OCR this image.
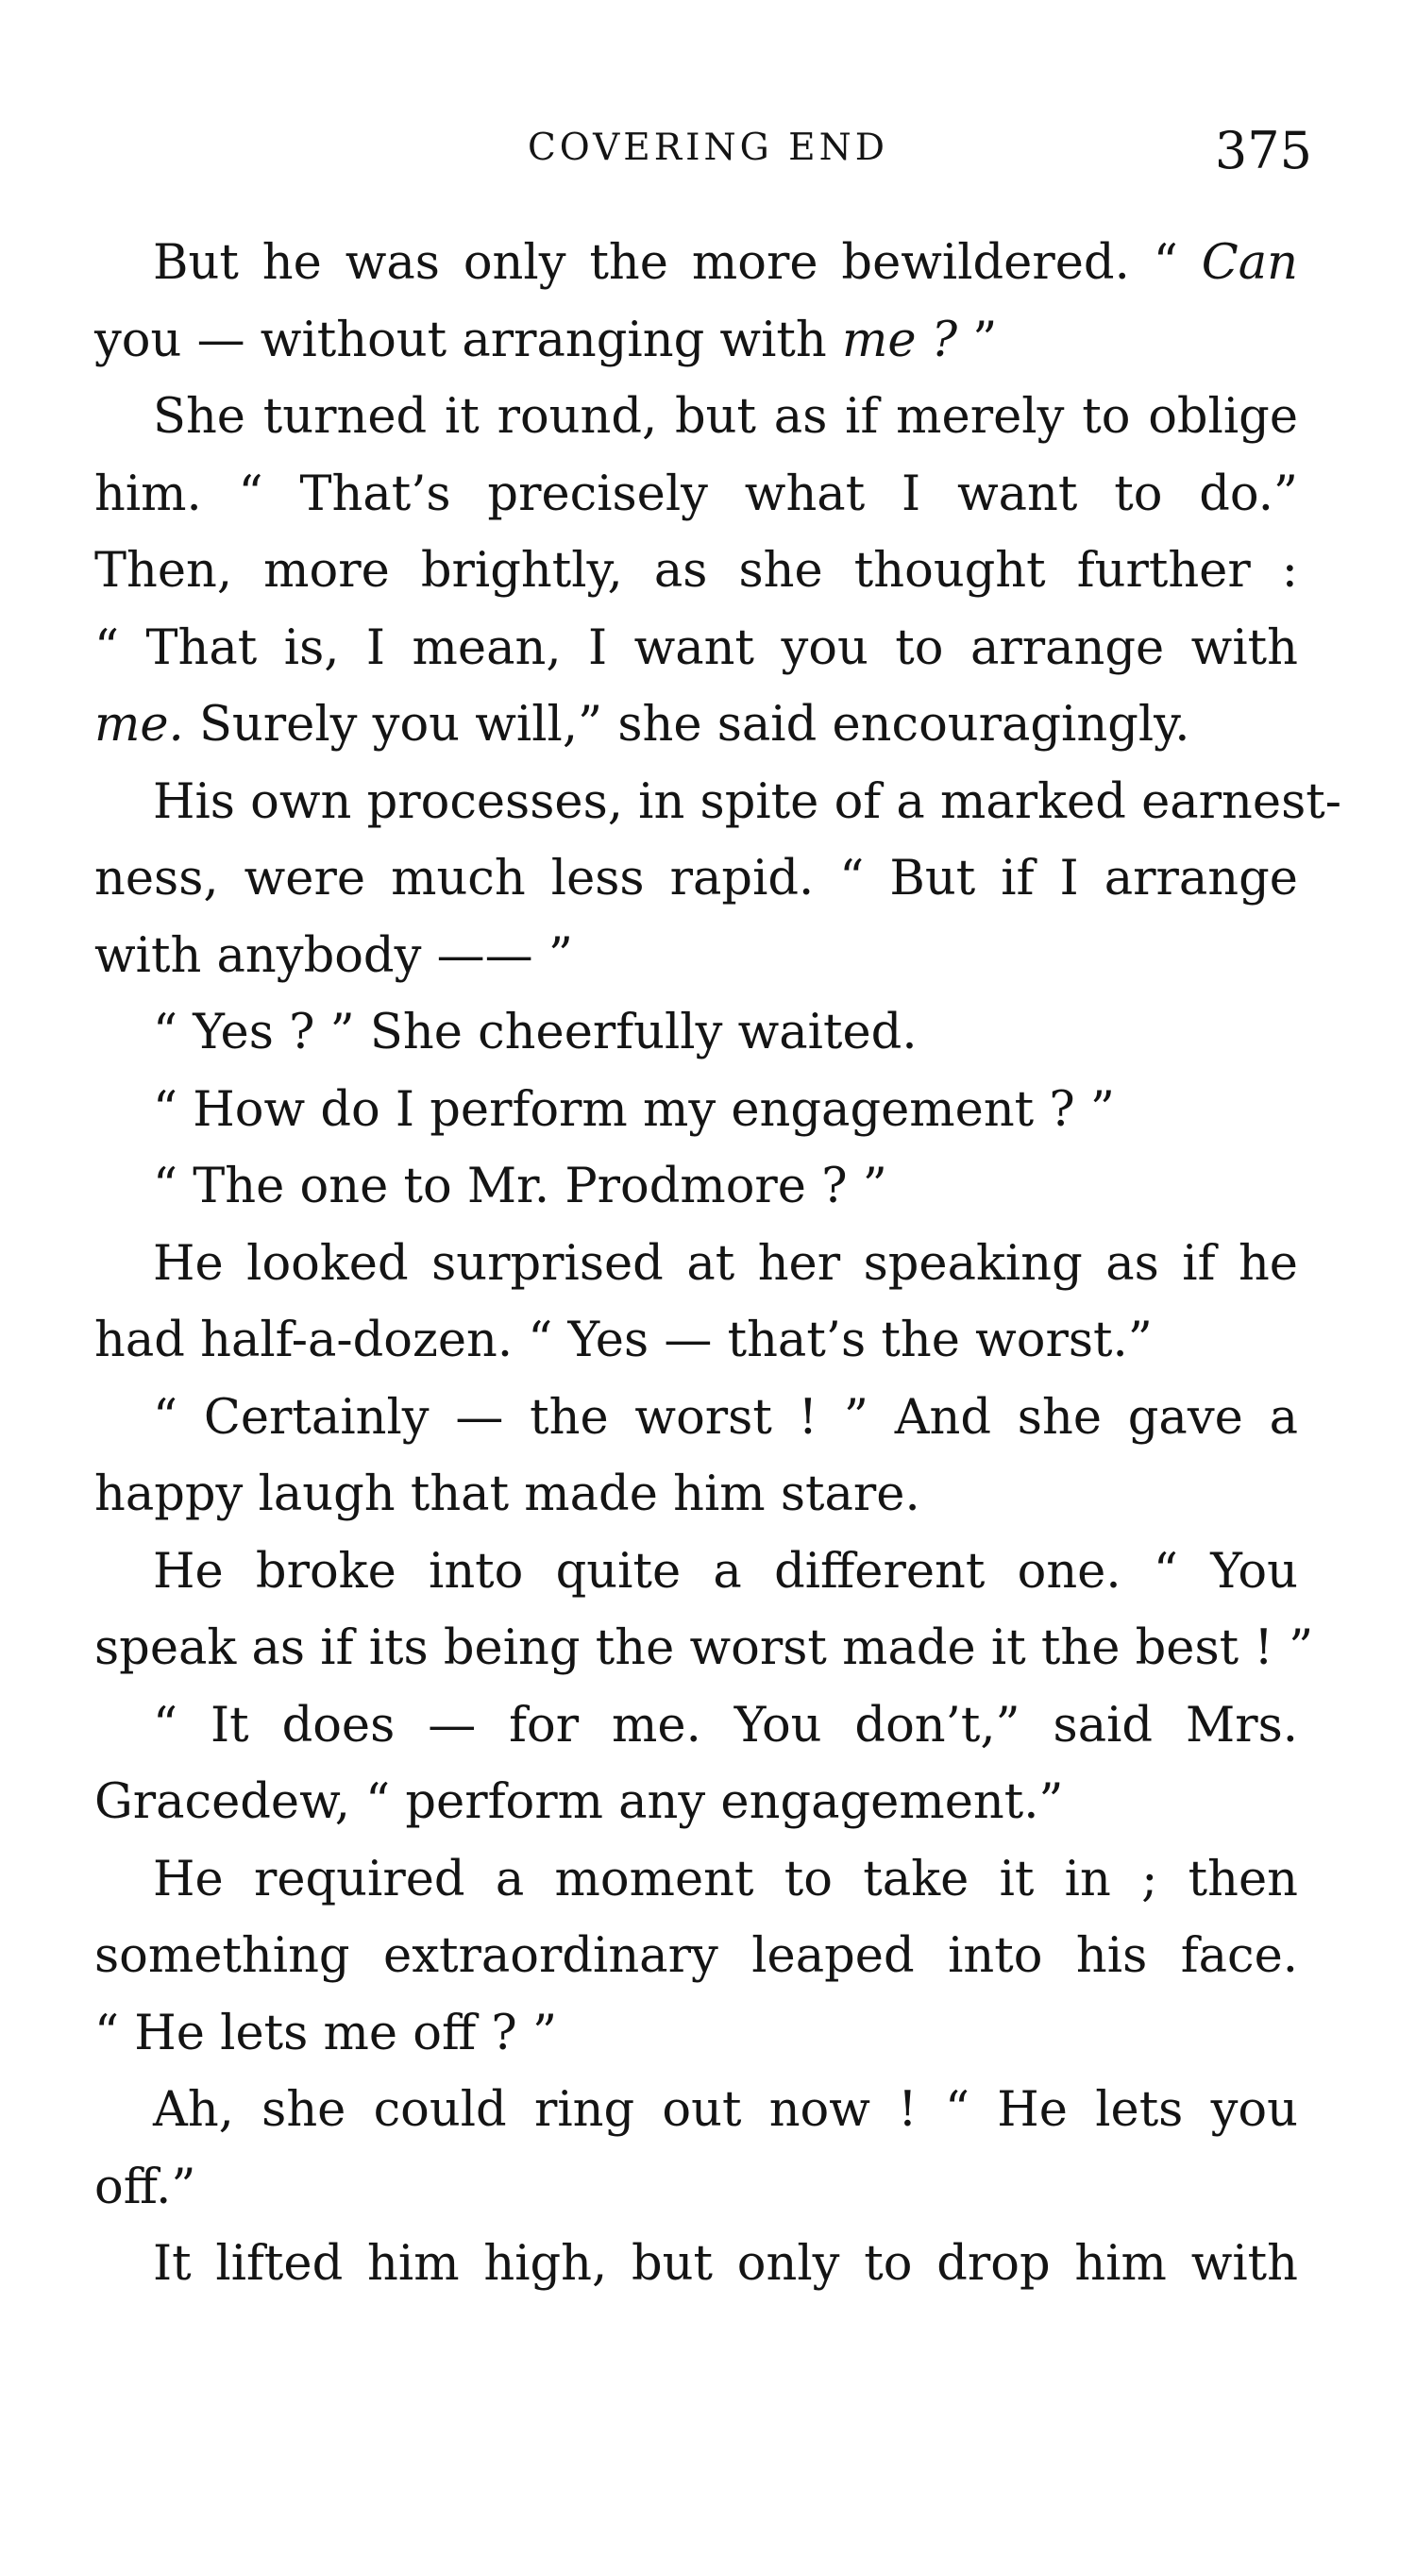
COVERING END	375
But he was only the more bewildered. “ Can
you — without arranging with me ? ”
She turned it round, but as if merely to oblige
him. “ That’s precisely what I want to do.”
Then, more brightly, as she thought further :
“ That is, I mean, I want you to arrange with
me. Surely you will,” she said encouragingly.
His own processes, in spite of a marked earnest-
ness, were much less rapid. “ But if I arrange
with anybody —— ”
“ Yes ? ” She cheerfully waited.
“ How do I perform my engagement ? ”
“ The one to Mr. Prodmore ? ”
He looked surprised at her speaking as if he
had half-a-dozen. “ Yes — that’s the worst.”
“ Certainly — the worst ! ” And she gave a
happy laugh that made him stare.
He broke into quite a different one. “ You
speak as if its being the worst made it the best ! ”
“ It does — for me. You don’t,” said Mrs.
Gracedew, “ perform any engagement.”
He required a moment to take it in ; then
something extraordinary leaped into his face.
“ He lets me off ? ”
Ah, she could ring out now ! “ He lets you
off.”
It lifted him high, but only to drop him with
